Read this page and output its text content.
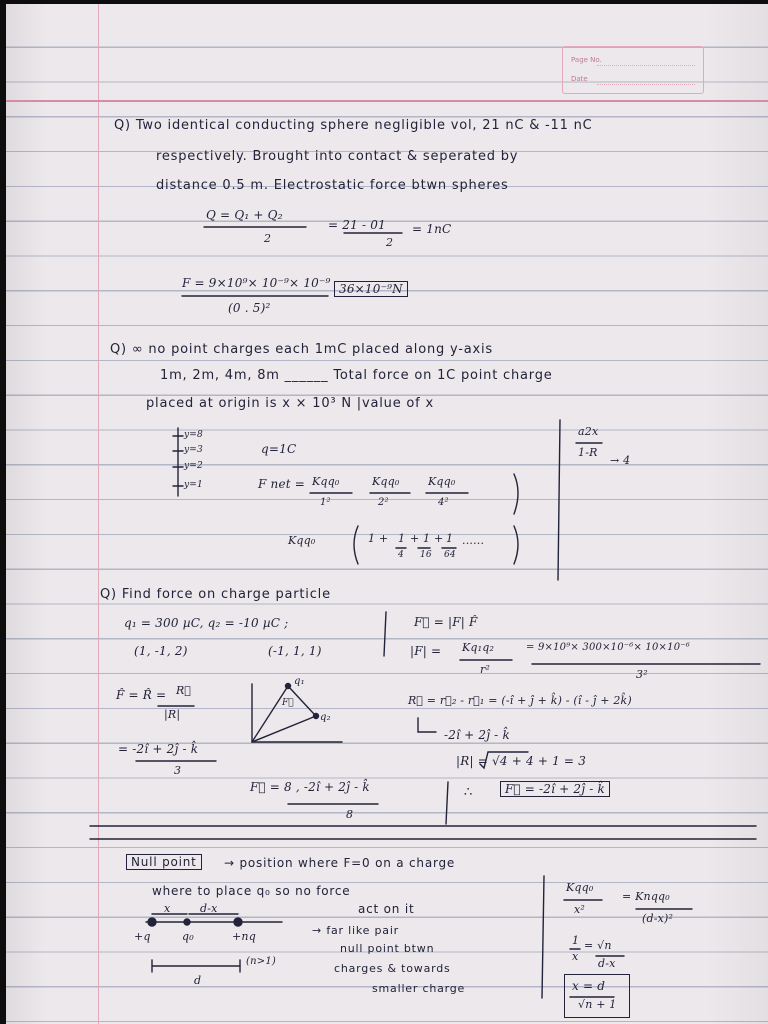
Page No.
Date
Q) Two identical conducting sphere negligible vol, 21 nC & -11 nC
respectively. Brought into contact & seperated by
distance 0.5 m. Electrostatic force btwn spheres
Q = Q₁ + Q₂
2
= 21 - 01
2
= 1nC
F = 9×10⁹× 10⁻⁹× 10⁻⁹
(0 . 5)²
36×10⁻⁹N
Q) ∞ no point charges each 1mC placed along y-axis
1m, 2m, 4m, 8m ______ Total force on 1C point charge
placed at origin is x × 10³ N |value of x
y=8
y=3
y=2
y=1
q=1C
F net = Kqq₀
1²
Kqq₀
2²
Kqq₀
4²
Kqq₀	1 + 1 + 1 + 1 ......
4 16 64
a2x
1-R
→ 4
Q) Find force on charge particle
q₁ = 300 µC, q₂ = -10 µC ;
(1, -1, 2)	(-1, 1, 1)
F⃗ = |F| F̂
|F| = Kq₁q₂
r²
= 9×10⁹× 300×10⁻⁶× 10×10⁻⁶
3²
F̂ = R̂ = R⃗
|R|
= -2î + 2ĵ - k̂
3
R⃗ = r⃗₂ - r⃗₁ = (-î + ĵ + k̂) - (î - ĵ + 2k̂)
-2î + 2ĵ - k̂
|R| = √4 + 4 + 1 = 3
F⃗ = 8 , -2î + 2ĵ - k̂
8
∴	F⃗ = -2î + 2ĵ - k̂
q₁
q₂
F⃗
Null point	→ position where F=0 on a charge
where to place q₀ so no force
act on it
→ far like pair
null point btwn
charges & towards
smaller charge
x	d-x
+q	q₀	+nq
(n>1)
d
Kqq₀
x²
= Knqq₀
(d-x)²
1
x
= √n
d-x
x = d
√n + 1
